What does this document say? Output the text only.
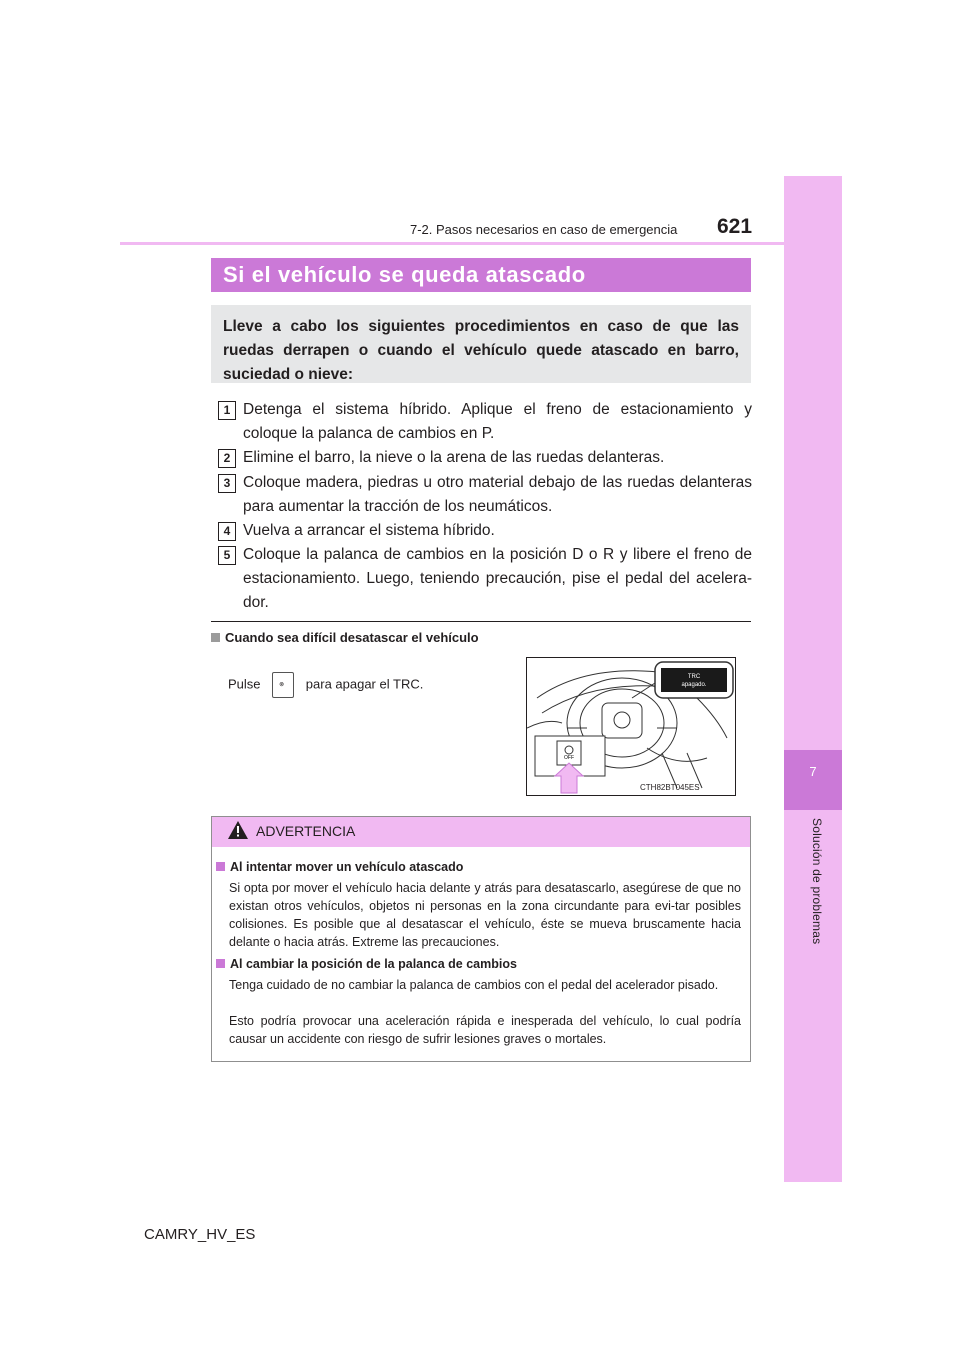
7
Solución de problemas
7-2. Pasos necesarios en caso de emergencia 621
Si el vehículo se queda atascado
Lleve a cabo los siguientes procedimientos en caso de que las ruedas derrapen o cuando el vehículo quede atascado en barro, suciedad o nieve:
1 Detenga el sistema híbrido. Aplique el freno de estacionamiento y coloque la palanca de cambios en P.
2 Elimine el barro, la nieve o la arena de las ruedas delanteras.
3 Coloque madera, piedras u otro material debajo de las ruedas delanteras para aumentar la tracción de los neumáticos.
4 Vuelva a arrancar el sistema híbrido.
5 Coloque la palanca de cambios en la posición D o R y libere el freno de estacionamiento. Luego, teniendo precaución, pise el pedal del acelera-dor.
Cuando sea difícil desatascar el vehículo
Pulse	⊗ para apagar el TRC.
OFF
TRC
apagado.
CTH82BT045ES
ADVERTENCIA
Al intentar mover un vehículo atascado
Si opta por mover el vehículo hacia delante y atrás para desatascarlo, asegúrese de que no existan otros vehículos, objetos ni personas en la zona circundante para evi-tar posibles colisiones. Es posible que al desatascar el vehículo, éste se mueva bruscamente hacia delante o hacia atrás. Extreme las precauciones.
Al cambiar la posición de la palanca de cambios
Tenga cuidado de no cambiar la palanca de cambios con el pedal del acelerador pisado.
Esto podría provocar una aceleración rápida e inesperada del vehículo, lo cual podría causar un accidente con riesgo de sufrir lesiones graves o mortales.
CAMRY_HV_ES
